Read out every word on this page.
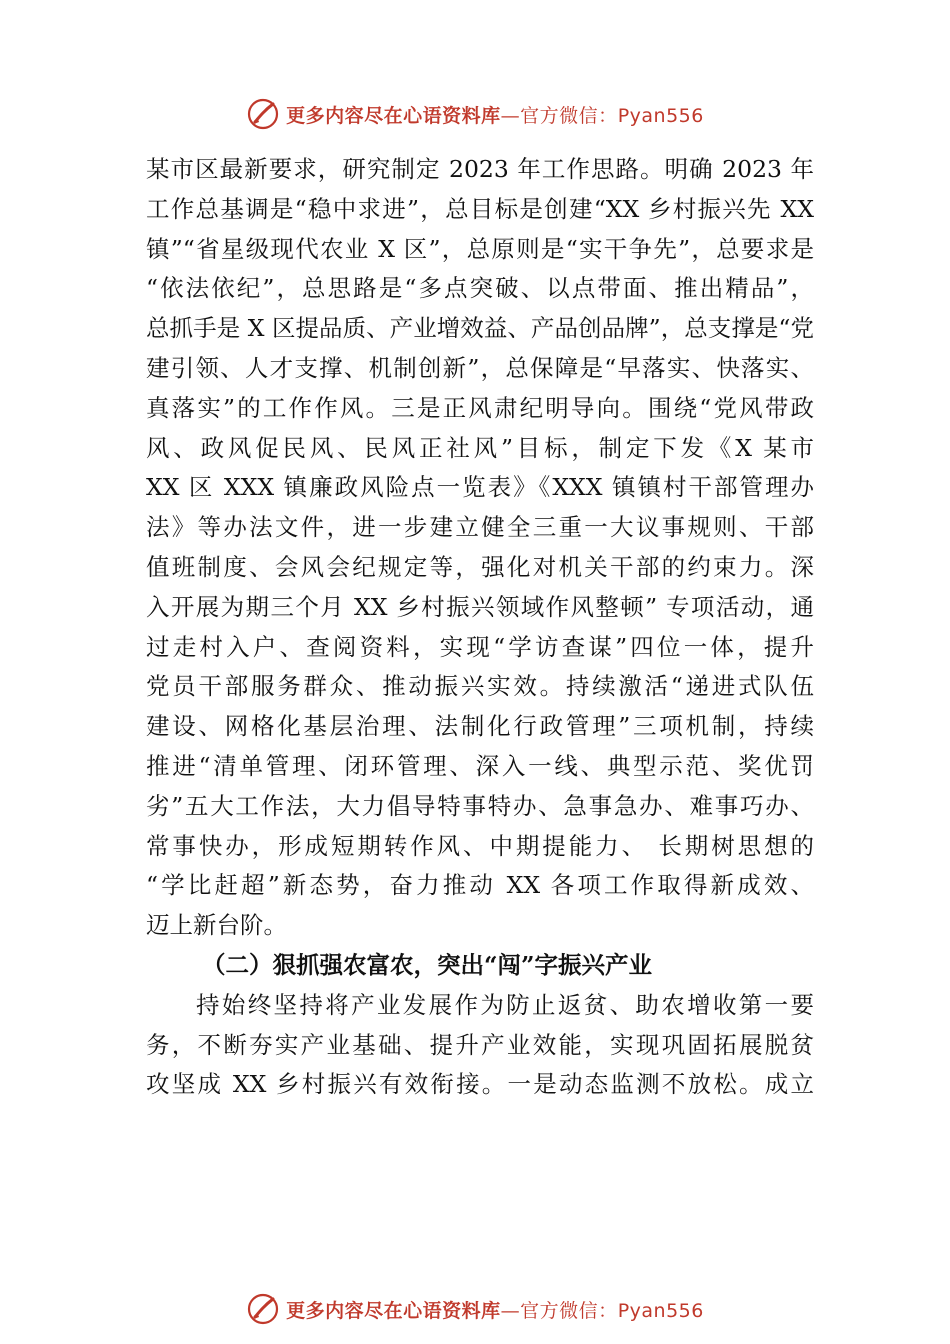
更多内容尽在心语资料库—官方微信：Pyan556
某市区最新要求，研究制定 2023 年工作思路。明确 2023 年
工作总基调是“稳中求进”，总目标是创建“XX 乡村振兴先 XX
镇”“省星级现代农业 X 区”，总原则是“实干争先”，总要求是
“依法依纪”，总思路是“多点突破、以点带面、推出精品”，
总抓手是 X 区提品质、产业增效益、产品创品牌”，总支撑是“党
建引领、人才支撑、机制创新”，总保障是“早落实、快落实、
真落实”的工作作风。三是正风肃纪明导向。围绕“党风带政
风、政风促民风、民风正社风”目标，制定下发《X 某市
XX 区 XXX 镇廉政风险点一览表》《XXX 镇镇村干部管理办
法》等办法文件，进一步建立健全三重一大议事规则、干部
值班制度、会风会纪规定等，强化对机关干部的约束力。深
入开展为期三个月 XX 乡村振兴领域作风整顿” 专项活动，通
过走村入户、查阅资料，实现“学访查谋”四位一体，提升
党员干部服务群众、推动振兴实效。持续激活“递进式队伍
建设、网格化基层治理、法制化行政管理”三项机制，持续
推进“清单管理、闭环管理、深入一线、典型示范、奖优罚
劣”五大工作法，大力倡导特事特办、急事急办、难事巧办、
常事快办，形成短期转作风、中期提能力、 长期树思想的
“学比赶超”新态势，奋力推动 XX 各项工作取得新成效、
迈上新台阶。
（二）狠抓强农富农，突出“闯”字振兴产业
持始终坚持将产业发展作为防止返贫、助农增收第一要
务，不断夯实产业基础、提升产业效能，实现巩固拓展脱贫
攻坚成 XX 乡村振兴有效衔接。一是动态监测不放松。成立
更多内容尽在心语资料库—官方微信：Pyan556
